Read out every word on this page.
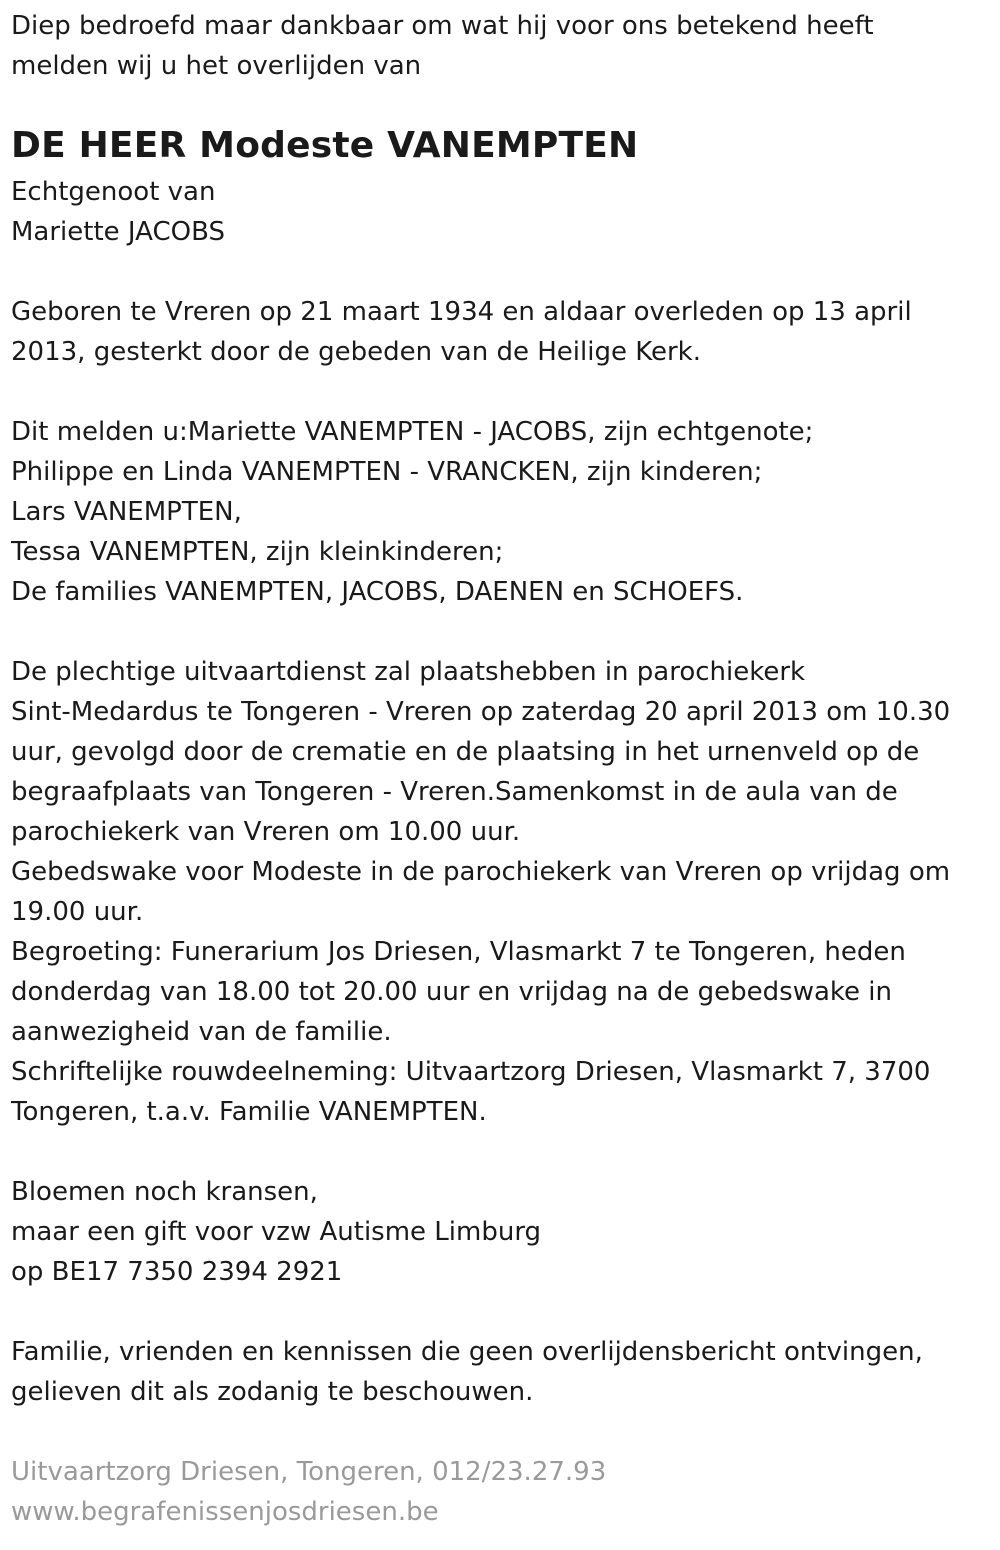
Diep bedroefd maar dankbaar om wat hij voor ons betekend heeft
melden wij u het overlijden van
DE HEER Modeste VANEMPTEN
Echtgenoot van
Mariette JACOBS
Geboren te Vreren op 21 maart 1934 en aldaar overleden op 13 april
2013, gesterkt door de gebeden van de Heilige Kerk.
Dit melden u:Mariette VANEMPTEN - JACOBS, zijn echtgenote;
Philippe en Linda VANEMPTEN - VRANCKEN, zijn kinderen;
Lars VANEMPTEN,
Tessa VANEMPTEN, zijn kleinkinderen;
De families VANEMPTEN, JACOBS, DAENEN en SCHOEFS.
De plechtige uitvaartdienst zal plaatshebben in parochiekerk
Sint-Medardus te Tongeren - Vreren op zaterdag 20 april 2013 om 10.30
uur, gevolgd door de crematie en de plaatsing in het urnenveld op de
begraafplaats van Tongeren - Vreren.Samenkomst in de aula van de
parochiekerk van Vreren om 10.00 uur.
Gebedswake voor Modeste in de parochiekerk van Vreren op vrijdag om
19.00 uur.
Begroeting: Funerarium Jos Driesen, Vlasmarkt 7 te Tongeren, heden
donderdag van 18.00 tot 20.00 uur en vrijdag na de gebedswake in
aanwezigheid van de familie.
Schriftelijke rouwdeelneming: Uitvaartzorg Driesen, Vlasmarkt 7, 3700
Tongeren, t.a.v. Familie VANEMPTEN.
Bloemen noch kransen,
maar een gift voor vzw Autisme Limburg
op BE17 7350 2394 2921
Familie, vrienden en kennissen die geen overlijdensbericht ontvingen,
gelieven dit als zodanig te beschouwen.
Uitvaartzorg Driesen, Tongeren, 012/23.27.93
www.begrafenissenjosdriesen.be
